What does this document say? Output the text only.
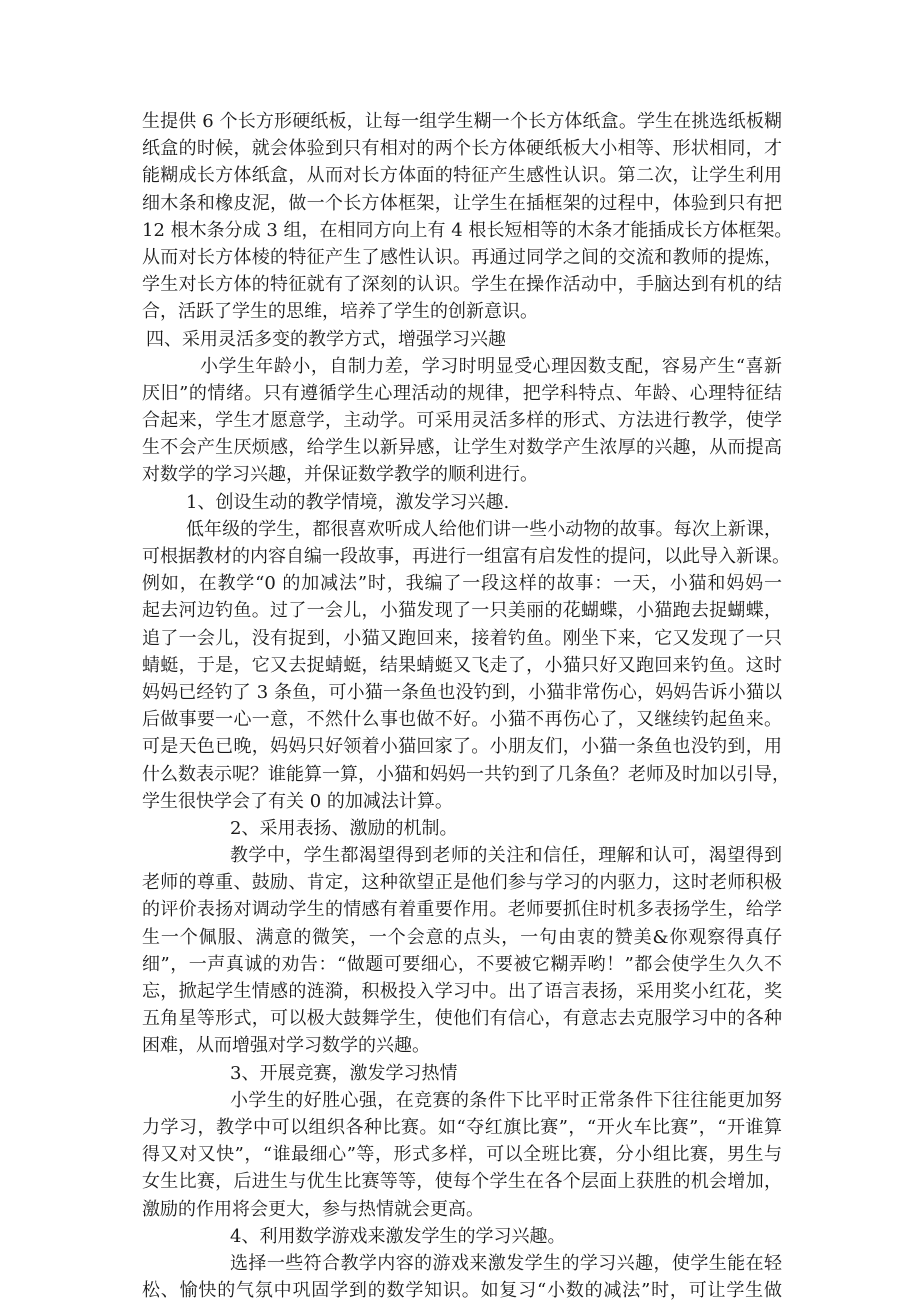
生提供 6 个长方形硬纸板，让每一组学生糊一个长方体纸盒。学生在挑选纸板糊
纸盒的时候，就会体验到只有相对的两个长方体硬纸板大小相等、形状相同，才
能糊成长方体纸盒，从而对长方体面的特征产生感性认识。第二次，让学生利用
细木条和橡皮泥，做一个长方体框架，让学生在插框架的过程中，体验到只有把
12 根木条分成 3 组，在相同方向上有 4 根长短相等的木条才能插成长方体框架。
从而对长方体棱的特征产生了感性认识。再通过同学之间的交流和教师的提炼，
学生对长方体的特征就有了深刻的认识。学生在操作活动中，手脑达到有机的结
合，活跃了学生的思维，培养了学生的创新意识。
四、采用灵活多变的教学方式，增强学习兴趣
小学生年龄小，自制力差，学习时明显受心理因数支配，容易产生“喜新
厌旧”的情绪。只有遵循学生心理活动的规律，把学科特点、年龄、心理特征结
合起来，学生才愿意学，主动学。可采用灵活多样的形式、方法进行教学，使学
生不会产生厌烦感，给学生以新异感，让学生对数学产生浓厚的兴趣，从而提高
对数学的学习兴趣，并保证数学教学的顺利进行。
1、创设生动的教学情境，激发学习兴趣.
低年级的学生，都很喜欢听成人给他们讲一些小动物的故事。每次上新课，
可根据教材的内容自编一段故事，再进行一组富有启发性的提问，以此导入新课。
例如，在教学“0 的加减法”时，我编了一段这样的故事：一天，小猫和妈妈一
起去河边钓鱼。过了一会儿，小猫发现了一只美丽的花蝴蝶，小猫跑去捉蝴蝶，
追了一会儿，没有捉到，小猫又跑回来，接着钓鱼。刚坐下来，它又发现了一只
蜻蜓，于是，它又去捉蜻蜓，结果蜻蜓又飞走了，小猫只好又跑回来钓鱼。这时
妈妈已经钓了 3 条鱼，可小猫一条鱼也没钓到，小猫非常伤心，妈妈告诉小猫以
后做事要一心一意，不然什么事也做不好。小猫不再伤心了，又继续钓起鱼来。
可是天色已晚，妈妈只好领着小猫回家了。小朋友们，小猫一条鱼也没钓到，用
什么数表示呢？谁能算一算，小猫和妈妈一共钓到了几条鱼？老师及时加以引导，
学生很快学会了有关 0 的加减法计算。
2、采用表扬、激励的机制。
教学中，学生都渴望得到老师的关注和信任，理解和认可，渴望得到
老师的尊重、鼓励、肯定，这种欲望正是他们参与学习的内驱力，这时老师积极
的评价表扬对调动学生的情感有着重要作用。老师要抓住时机多表扬学生，给学
生一个佩服、满意的微笑，一个会意的点头，一句由衷的赞美&你观察得真仔
细”，一声真诚的劝告：“做题可要细心，不要被它糊弄哟！”都会使学生久久不
忘，掀起学生情感的涟漪，积极投入学习中。出了语言表扬，采用奖小红花，奖
五角星等形式，可以极大鼓舞学生，使他们有信心，有意志去克服学习中的各种
困难，从而增强对学习数学的兴趣。
3、开展竞赛，激发学习热情
小学生的好胜心强，在竞赛的条件下比平时正常条件下往往能更加努
力学习，教学中可以组织各种比赛。如“夺红旗比赛”，“开火车比赛”，“开谁算
得又对又快”，“谁最细心”等，形式多样，可以全班比赛，分小组比赛，男生与
女生比赛，后进生与优生比赛等等，使每个学生在各个层面上获胜的机会增加，
激励的作用将会更大，参与热情就会更高。
4、利用数学游戏来激发学生的学习兴趣。
选择一些符合教学内容的游戏来激发学生的学习兴趣，使学生能在轻
松、愉快的气氛中巩固学到的数学知识。如复习“小数的减法”时，可让学生做
